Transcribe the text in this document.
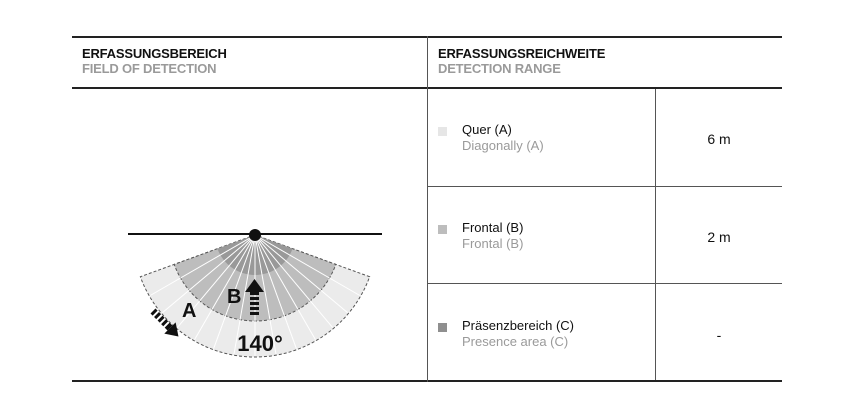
ERFASSUNGSBEREICH
FIELD OF DETECTION
ERFASSUNGSREICHWEITE
DETECTION RANGE
Quer (A)
Diagonally (A)	6 m
Frontal (B)
Frontal (B)	2 m
Präsenzbereich (C)
Presence area (C)	-
A
B
140°
